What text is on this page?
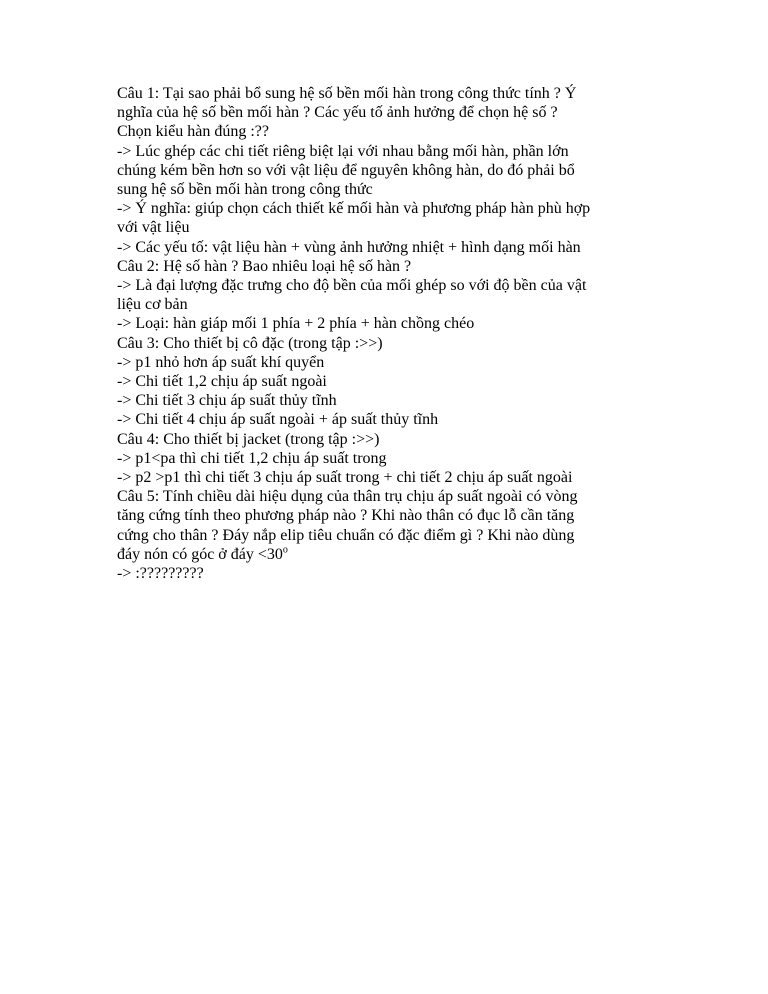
Câu 1: Tại sao phải bổ sung hệ số bền mối hàn trong công thức tính ? Ý
nghĩa của hệ số bền mối hàn ? Các yếu tố ảnh hưởng để chọn hệ số ?
Chọn kiểu hàn đúng :??
-> Lúc ghép các chi tiết riêng biệt lại với nhau bằng mối hàn, phần lớn
chúng kém bền hơn so với vật liệu để nguyên không hàn, do đó phải bổ
sung hệ số bền mối hàn trong công thức
-> Ý nghĩa: giúp chọn cách thiết kế mối hàn và phương pháp hàn phù hợp
với vật liệu
-> Các yếu tố: vật liệu hàn + vùng ảnh hưởng nhiệt + hình dạng mối hàn
Câu 2: Hệ số hàn ? Bao nhiêu loại hệ số hàn ?
-> Là đại lượng đặc trưng cho độ bền của mối ghép so với độ bền của vật
liệu cơ bản
-> Loại: hàn giáp mối 1 phía + 2 phía + hàn chồng chéo
Câu 3: Cho thiết bị cô đặc (trong tập :>>)
-> p1 nhỏ hơn áp suất khí quyển
-> Chi tiết 1,2 chịu áp suất ngoài
-> Chi tiết 3 chịu áp suất thủy tĩnh
-> Chi tiết 4 chịu áp suất ngoài + áp suất thủy tĩnh
Câu 4: Cho thiết bị jacket (trong tập :>>)
-> p1<pa thì chi tiết 1,2 chịu áp suất trong
-> p2 >p1 thì chi tiết 3 chịu áp suất trong + chi tiết 2 chịu áp suất ngoài
Câu 5: Tính chiều dài hiệu dụng của thân trụ chịu áp suất ngoài có vòng
tăng cứng tính theo phương pháp nào ? Khi nào thân có đục lỗ cần tăng
cứng cho thân ? Đáy nắp elip tiêu chuẩn có đặc điểm gì ? Khi nào dùng
đáy nón có góc ở đáy $<30^o$
-> :?????????
